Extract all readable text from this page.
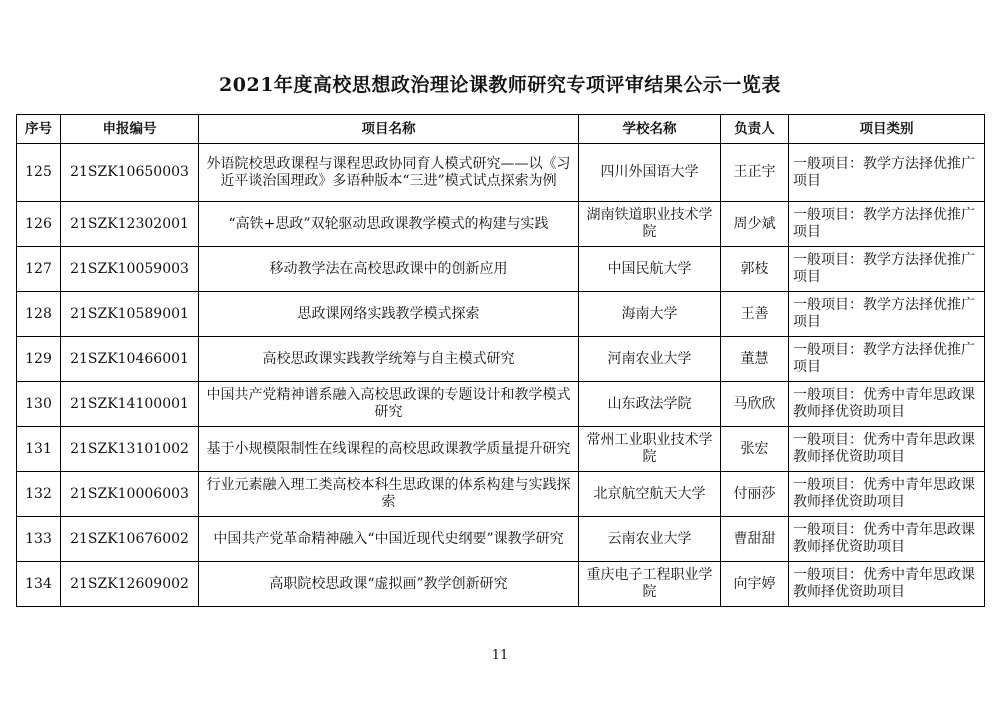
2021年度高校思想政治理论课教师研究专项评审结果公示一览表
序号	申报编号	项目名称	学校名称	负责人	项目类别
125	21SZK10650003	外语院校思政课程与课程思政协同育人模式研究——以《习近平谈治国理政》多语种版本“三进”模式试点探索为例	四川外国语大学	王正宇	一般项目：教学方法择优推广项目
126	21SZK12302001	“高铁+思政”双轮驱动思政课教学模式的构建与实践	湖南铁道职业技术学院	周少斌	一般项目：教学方法择优推广项目
127	21SZK10059003	移动教学法在高校思政课中的创新应用	中国民航大学	郭枝	一般项目：教学方法择优推广项目
128	21SZK10589001	思政课网络实践教学模式探索	海南大学	王善	一般项目：教学方法择优推广项目
129	21SZK10466001	高校思政课实践教学统筹与自主模式研究	河南农业大学	董慧	一般项目：教学方法择优推广项目
130	21SZK14100001	中国共产党精神谱系融入高校思政课的专题设计和教学模式研究	山东政法学院	马欣欣	一般项目：优秀中青年思政课教师择优资助项目
131	21SZK13101002	基于小规模限制性在线课程的高校思政课教学质量提升研究	常州工业职业技术学院	张宏	一般项目：优秀中青年思政课教师择优资助项目
132	21SZK10006003	行业元素融入理工类高校本科生思政课的体系构建与实践探索	北京航空航天大学	付丽莎	一般项目：优秀中青年思政课教师择优资助项目
133	21SZK10676002	中国共产党革命精神融入“中国近现代史纲要”课教学研究	云南农业大学	曹甜甜	一般项目：优秀中青年思政课教师择优资助项目
134	21SZK12609002	高职院校思政课“虚拟画”教学创新研究	重庆电子工程职业学院	向宇婷	一般项目：优秀中青年思政课教师择优资助项目
11
